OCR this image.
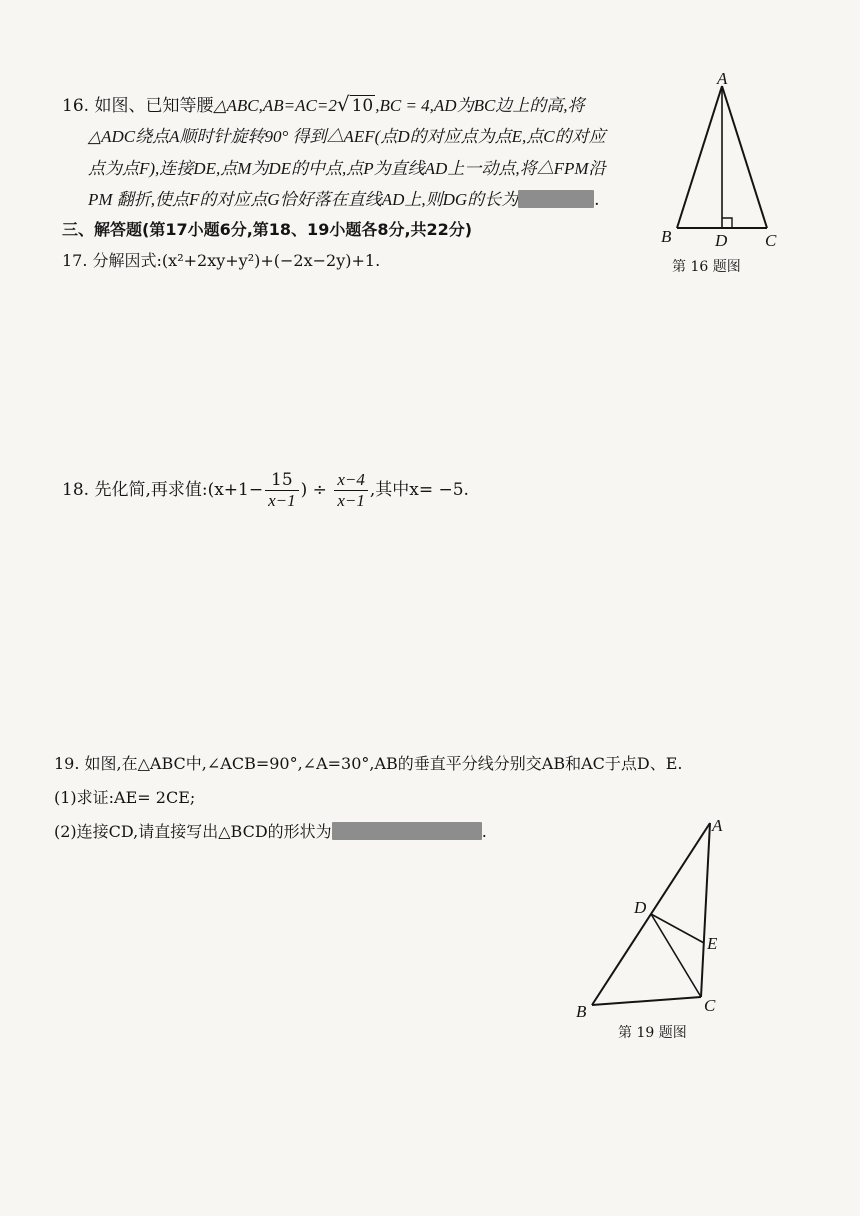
16. 如图、已知等腰△ABC,AB=AC=2√ 10 ,BC = 4,AD为BC边上的高,将
△ADC绕点A顺时针旋转90° 得到△AEF(点D的对应点为点E,点C的对应
点为点F),连接DE,点M为DE的中点,点P为直线AD上一动点,将△FPM沿
PM 翻折,使点F的对应点G恰好落在直线AD上,则DG的长为	.
A
B	D C
第 16 题图
三、解答题(第17小题6分,第18、19小题各8分,共22分)
17. 分解因式:(x²+2xy+y²)+(−2x−2y)+1.
18. 先化简,再求值:(x+1− $\frac{15}{x-1}$ ) ÷ $\frac{x-4}{x-1}$ ,其中x= −5.
19. 如图,在△ABC中,∠ACB=90°,∠A=30°,AB的垂直平分线分别交AB和AC于点D、E.
(1)求证:AE= 2CE;
(2)连接CD,请直接写出△BCD的形状为	.	A
D
E
B	C
第 19 题图
